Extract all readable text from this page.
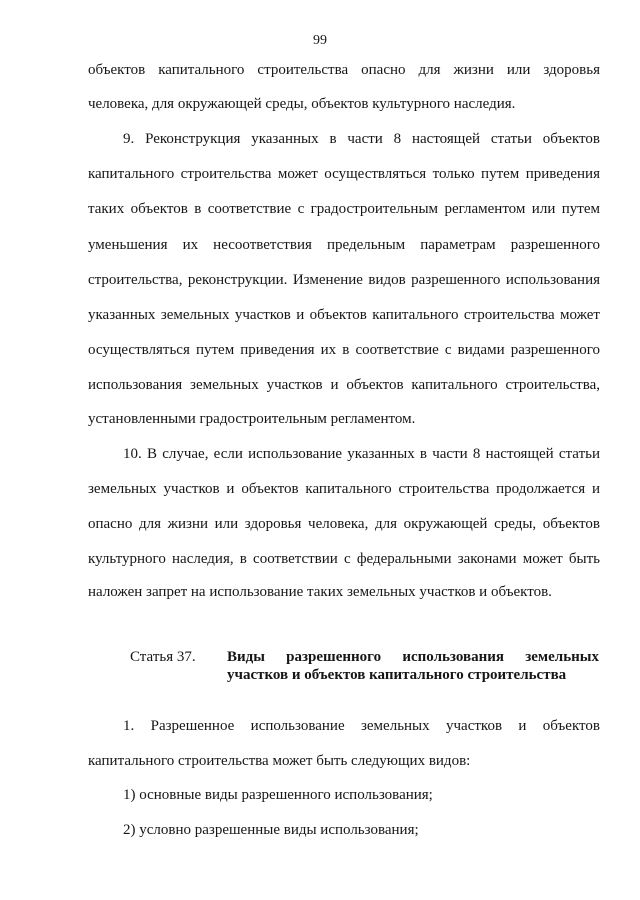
99
объектов капитального строительства опасно для жизни или здоровья
человека, для окружающей среды, объектов культурного наследия.
9. Реконструкция указанных в части 8 настоящей статьи объектов
капитального строительства может осуществляться только путем приведения
таких объектов в соответствие с градостроительным регламентом или путем
уменьшения их несоответствия предельным параметрам разрешенного
строительства, реконструкции. Изменение видов разрешенного использования
указанных земельных участков и объектов капитального строительства может
осуществляться путем приведения их в соответствие с видами разрешенного
использования земельных участков и объектов капитального строительства,
установленными градостроительным регламентом.
10. В случае, если использование указанных в части 8 настоящей статьи
земельных участков и объектов капитального строительства продолжается и
опасно для жизни или здоровья человека, для окружающей среды, объектов
культурного наследия, в соответствии с федеральными законами может быть
наложен запрет на использование таких земельных участков и объектов.
Статья 37. Виды разрешенного использования земельных
участков и объектов капитального строительства
1. Разрешенное использование земельных участков и объектов
капитального строительства может быть следующих видов:
1) основные виды разрешенного использования;
2) условно разрешенные виды использования;
